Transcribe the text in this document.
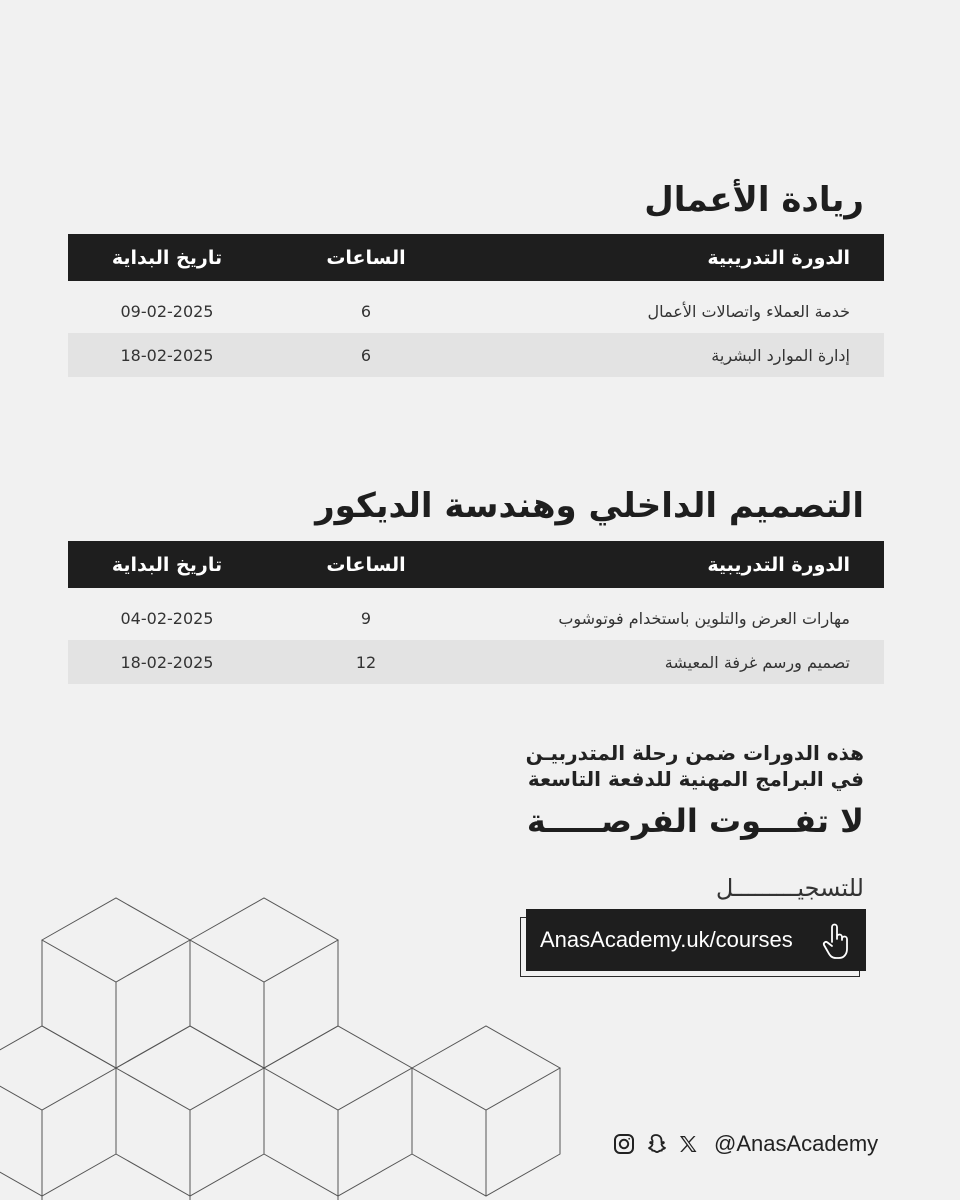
ريادة الأعمال
الدورة التدريبية
الساعات
تاريخ البداية
خدمة العملاء واتصالات الأعمال
6
09-02-2025
إدارة الموارد البشرية
6
18-02-2025
التصميم الداخلي وهندسة الديكور
الدورة التدريبية
الساعات
تاريخ البداية
مهارات العرض والتلوين باستخدام فوتوشوب
9
04-02-2025
تصميم ورسم غرفة المعيشة
12
18-02-2025
هذه الدورات ضمن رحلة المتدربيـن
في البرامج المهنية للدفعة التاسعة
لا تفـــوت الفرصـــــة
للتسجيـــــــــل
AnasAcademy.uk/courses
@AnasAcademy
